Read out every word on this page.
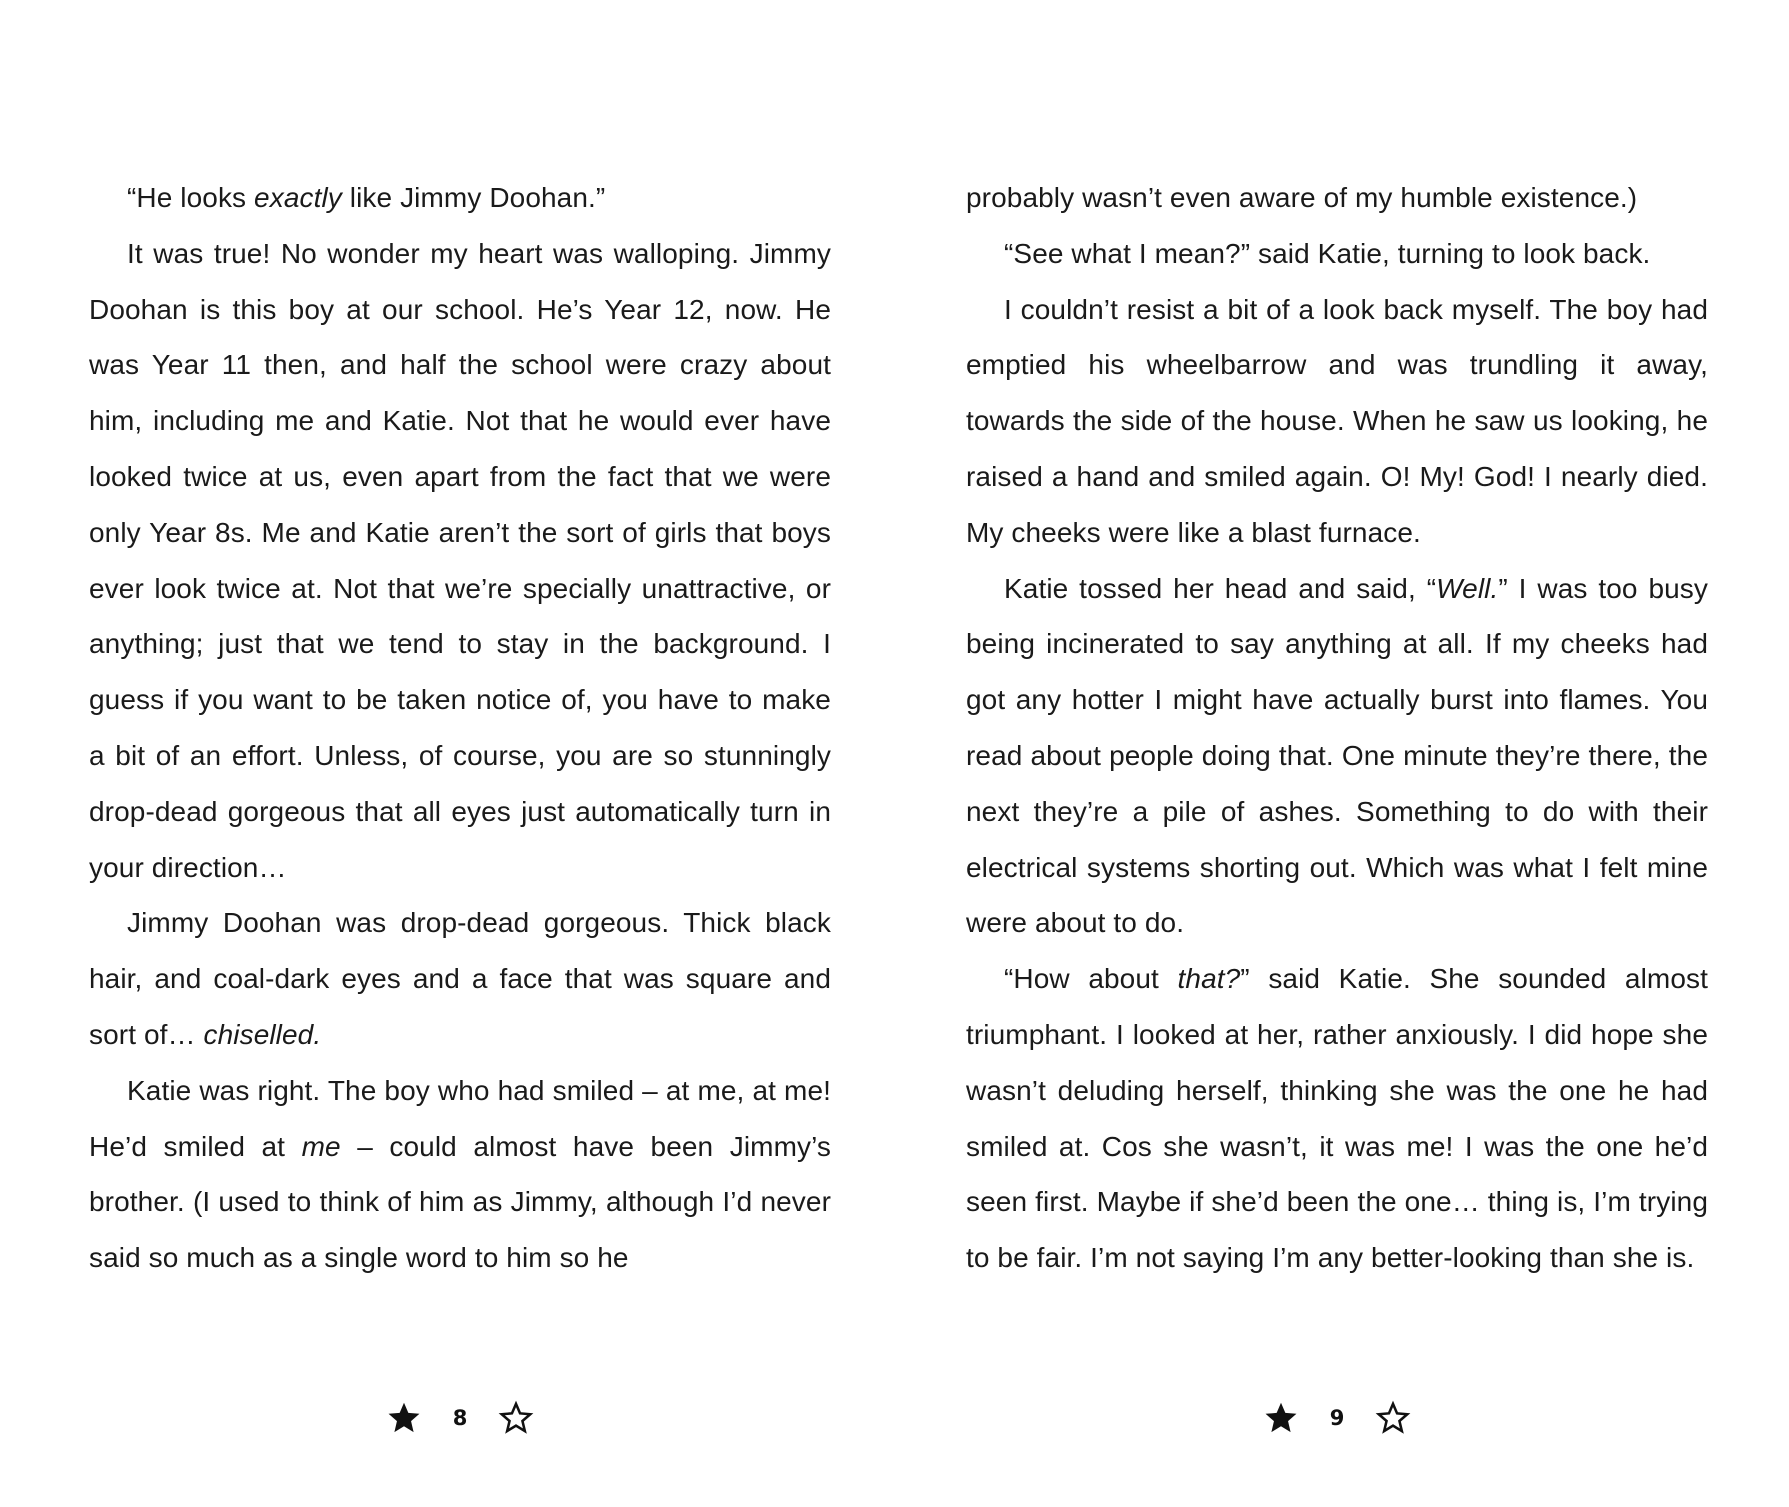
“He looks exactly like Jimmy Doohan.”

It was true! No wonder my heart was walloping. Jimmy Doohan is this boy at our school. He’s Year 12, now. He was Year 11 then, and half the school were crazy about him, including me and Katie. Not that he would ever have looked twice at us, even apart from the fact that we were only Year 8s. Me and Katie aren’t the sort of girls that boys ever look twice at. Not that we’re specially unattractive, or anything; just that we tend to stay in the background. I guess if you want to be taken notice of, you have to make a bit of an effort. Unless, of course, you are so stunningly drop-dead gorgeous that all eyes just automatically turn in your direction…

Jimmy Doohan was drop-dead gorgeous. Thick black hair, and coal-dark eyes and a face that was square and sort of… chiselled.

Katie was right. The boy who had smiled – at me, at me! He’d smiled at me – could almost have been Jimmy’s brother. (I used to think of him as Jimmy, although I’d never said so much as a single word to him so he

probably wasn’t even aware of my humble existence.)

“See what I mean?” said Katie, turning to look back.

I couldn’t resist a bit of a look back myself. The boy had emptied his wheelbarrow and was trundling it away, towards the side of the house. When he saw us looking, he raised a hand and smiled again. O! My! God! I nearly died. My cheeks were like a blast furnace.

Katie tossed her head and said, “Well.” I was too busy being incinerated to say anything at all. If my cheeks had got any hotter I might have actually burst into flames. You read about people doing that. One minute they’re there, the next they’re a pile of ashes. Something to do with their electrical systems shorting out. Which was what I felt mine were about to do.

“How about that?” said Katie. She sounded almost triumphant. I looked at her, rather anxiously. I did hope she wasn’t deluding herself, thinking she was the one he had smiled at. Cos she wasn’t, it was me! I was the one he’d seen first. Maybe if she’d been the one… thing is, I’m trying to be fair. I’m not saying I’m any better-looking than she is.

8	9
